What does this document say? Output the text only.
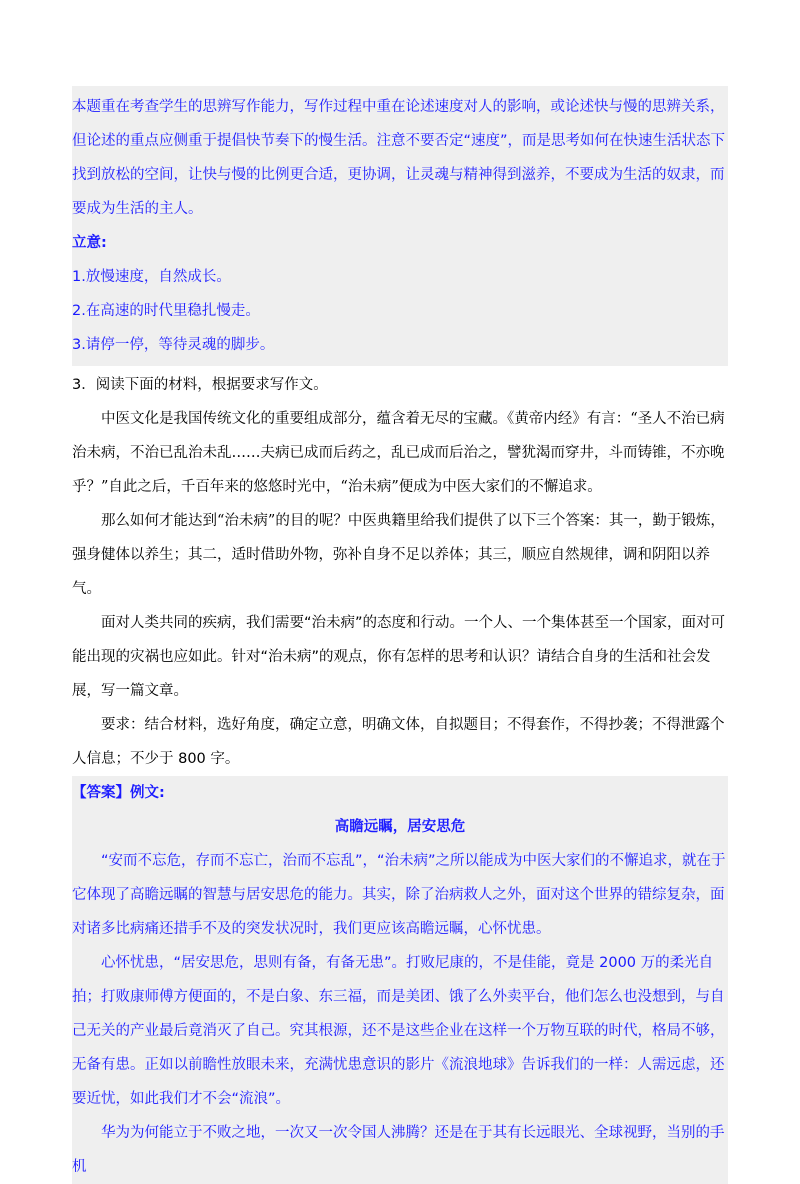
本题重在考查学生的思辨写作能力，写作过程中重在论述速度对人的影响，或论述快与慢的思辨关系，但论述的重点应侧重于提倡快节奏下的慢生活。注意不要否定“速度”，而是思考如何在快速生活状态下找到放松的空间，让快与慢的比例更合适，更协调，让灵魂与精神得到滋养，不要成为生活的奴隶，而要成为生活的主人。

立意:

1.放慢速度，自然成长。

2.在高速的时代里稳扎慢走。

3.请停一停，等待灵魂的脚步。

3．阅读下面的材料，根据要求写作文。

中医文化是我国传统文化的重要组成部分，蕴含着无尽的宝藏。《黄帝内经》有言：“圣人不治已病治未病，不治已乱治未乱……夫病已成而后药之，乱已成而后治之，譬犹渴而穿井，斗而铸锥，不亦晚乎？”自此之后，千百年来的悠悠时光中，“治未病”便成为中医大家们的不懈追求。

那么如何才能达到“治未病”的目的呢？中医典籍里给我们提供了以下三个答案：其一，勤于锻炼，强身健体以养生；其二，适时借助外物，弥补自身不足以养体；其三，顺应自然规律，调和阴阳以养气。

面对人类共同的疾病，我们需要“治未病”的态度和行动。一个人、一个集体甚至一个国家，面对可能出现的灾祸也应如此。针对“治未病”的观点，你有怎样的思考和认识？请结合自身的生活和社会发展，写一篇文章。

要求：结合材料，选好角度，确定立意，明确文体，自拟题目；不得套作，不得抄袭；不得泄露个人信息；不少于 800 字。

【答案】例文:
高瞻远瞩，居安思危

“安而不忘危，存而不忘亡，治而不忘乱”，“治未病”之所以能成为中医大家们的不懈追求，就在于它体现了高瞻远瞩的智慧与居安思危的能力。其实，除了治病救人之外，面对这个世界的错综复杂，面对诸多比病痛还措手不及的突发状况时，我们更应该高瞻远瞩，心怀忧患。

心怀忧患，“居安思危，思则有备，有备无患”。打败尼康的，不是佳能，竟是 2000 万的柔光自拍；打败康师傅方便面的，不是白象、东三福，而是美团、饿了么外卖平台，他们怎么也没想到，与自己无关的产业最后竟消灭了自己。究其根源，还不是这些企业在这样一个万物互联的时代，格局不够，无备有患。正如以前瞻性放眼未来，充满忧患意识的影片《流浪地球》告诉我们的一样：人需远虑，还要近忧，如此我们才不会“流浪”。

华为为何能立于不败之地，一次又一次令国人沸腾？还是在于其有长远眼光、全球视野，当别的手机
